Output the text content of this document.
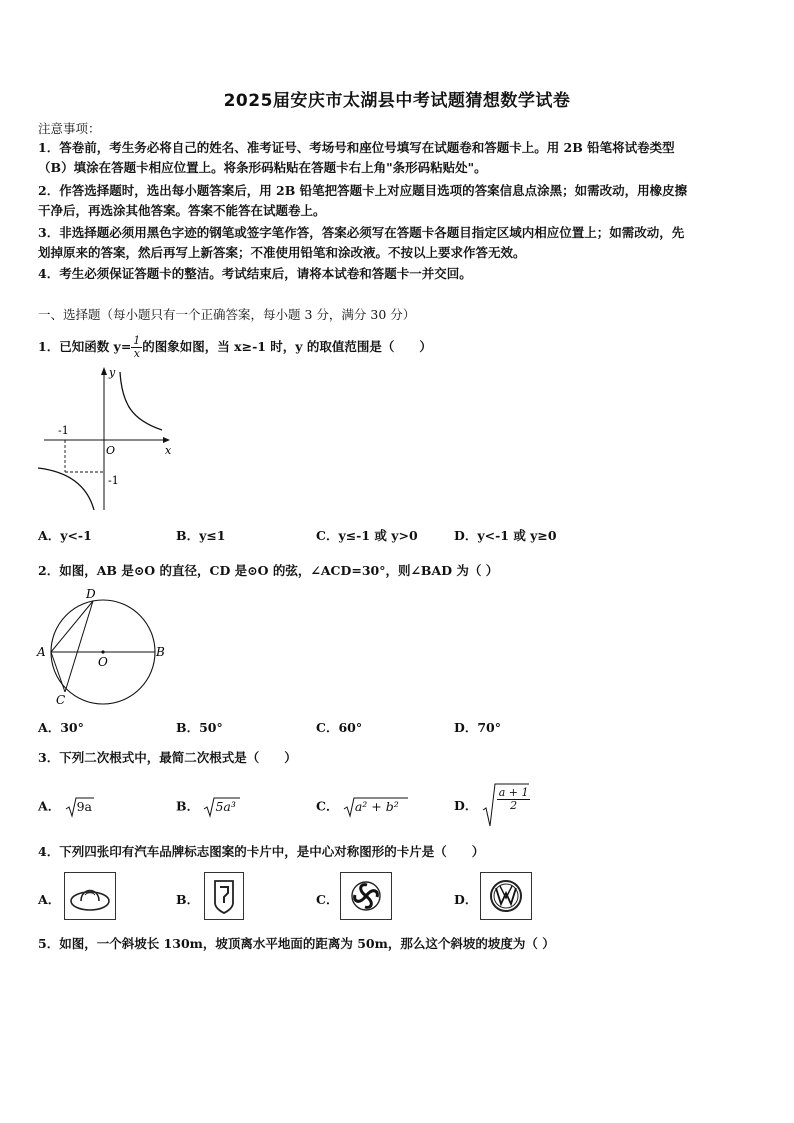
2025届安庆市太湖县中考试题猜想数学试卷
注意事项：
1．答卷前，考生务必将自己的姓名、准考证号、考场号和座位号填写在试题卷和答题卡上。用 2B 铅笔将试卷类型
（B）填涂在答题卡相应位置上。将条形码粘贴在答题卡右上角"条形码粘贴处"。
2．作答选择题时，选出每小题答案后，用 2B 铅笔把答题卡上对应题目选项的答案信息点涂黑；如需改动，用橡皮擦
干净后，再选涂其他答案。答案不能答在试题卷上。
3．非选择题必须用黑色字迹的钢笔或签字笔作答，答案必须写在答题卡各题目指定区域内相应位置上；如需改动，先
划掉原来的答案，然后再写上新答案；不准使用铅笔和涂改液。不按以上要求作答无效。
4．考生必须保证答题卡的整洁。考试结束后，请将本试卷和答题卡一并交回。
一、选择题（每小题只有一个正确答案，每小题 3 分，满分 30 分）
1．已知函数 $y= \frac{1}{x}$ 的图象如图，当 x≥-1 时，y 的取值范围是（　　）
y
x
O
-1
-1
A．y<-1	B．y≤1	C．y≤-1 或 y>0	D．y<-1 或 y≥0
2．如图，AB 是⊙O 的直径，CD 是⊙O 的弦，∠ACD=30°，则∠BAD 为（ ）
D
A	B
C
O
A．30°	B．50°	C．60°	D．70°
3．下列二次根式中，最简二次根式是（　　）
A． 9a	B． 5a³	C． a² + b²	D． $\frac{a + 1}{2}$
4．下列四张印有汽车品牌标志图案的卡片中，是中心对称图形的卡片是（　　）
A．	B．	C．	D．
5．如图，一个斜坡长 130m，坡顶离水平地面的距离为 50m，那么这个斜坡的坡度为（ ）
